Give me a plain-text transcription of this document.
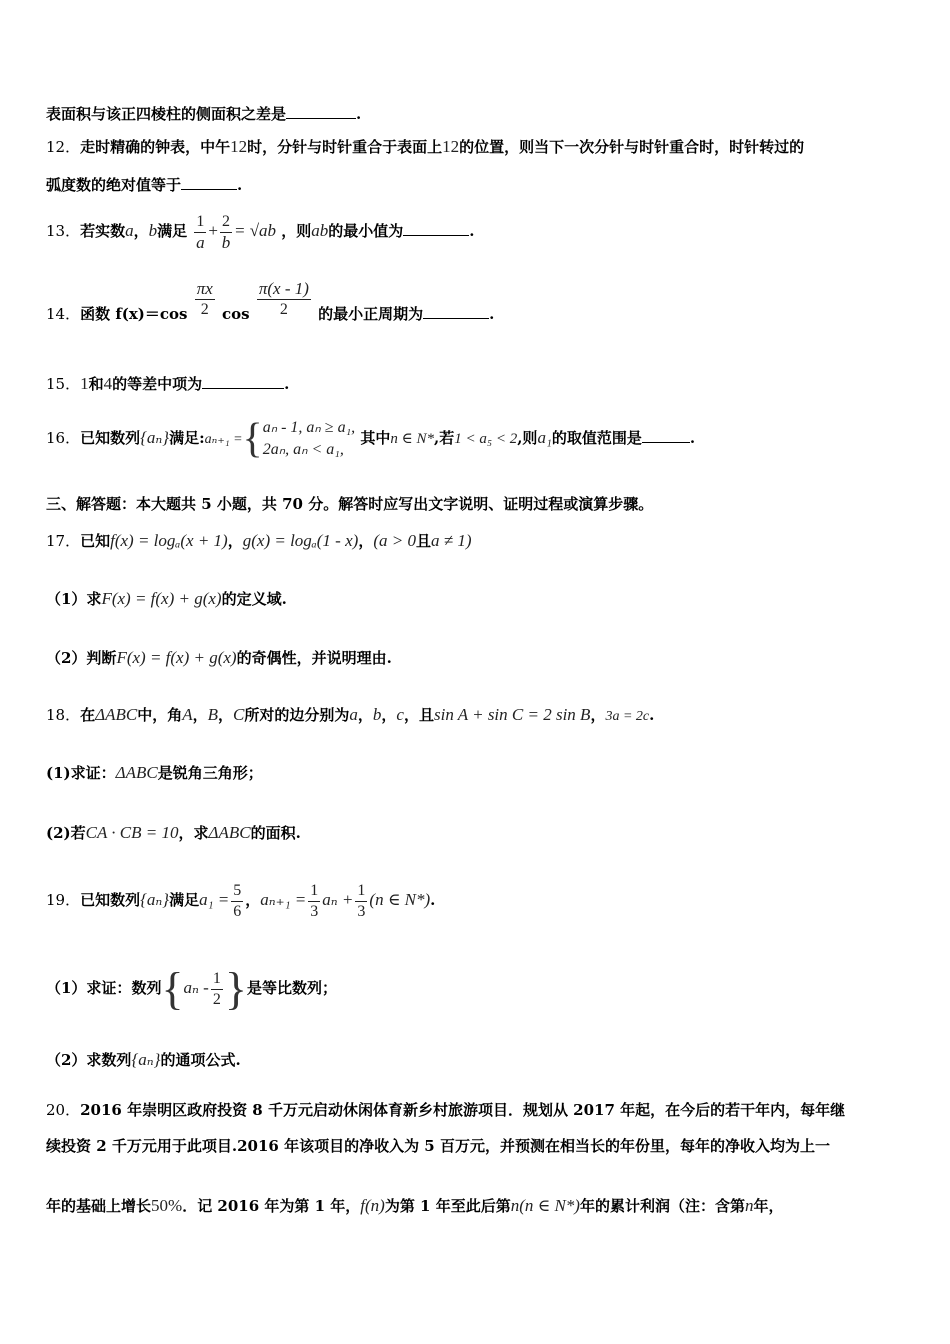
表面积与该正四棱柱的侧面积之差是	.
12．走时精确的钟表，中午12时，分针与时针重合于表面上12的位置，则当下一次分针与时针重合时，时针转过的
弧度数的绝对值等于	.
13．若实数a，b满足 $\frac{1}{a} + \frac{2}{b} = √ab$ ，则ab的最小值为	.
14．函数 $f(x)=\cos \frac{\pi x}{2}$ $\cos \frac{\pi(x - 1)}{2}$ 的最小正周期为	.
15．1和4的等差中项为	.
16．已知数列{aₙ}满足:aₙ₊₁ ={ aₙ - 1, aₙ ≥ a₁,
2aₙ, aₙ < a₁,
其中n ∈ N*,若1 < a₅ < 2,则a₁的取值范围是	.
三、解答题：本大题共 5 小题，共 70 分。解答时应写出文字说明、证明过程或演算步骤。
17．已知f(x) = logₐ(x + 1)，g(x) = logₐ(1 - x)，(a > 0且a ≠ 1)
（1）求F(x) = f(x) + g(x)的定义域.
（2）判断F(x) = f(x) + g(x)的奇偶性，并说明理由.
18．在ΔABC中，角A，B，C所对的边分别为a，b，c，且sin A + sin C = 2 sin B，3a = 2c.
(1)求证：ΔABC是锐角三角形；
(2)若CA · CB = 10，求ΔABC的面积.
19．已知数列{aₙ}满足$a_1 = \frac{5}{6}$ ，$a_{n+1} = \frac{1}{3}$ $a_n + \frac{1}{3} (n$ ∈ N*).
（1）求证：数列{$a_n - \frac{1}{2}$ }是等比数列；
（2）求数列{aₙ}的通项公式.
20．2016 年崇明区政府投资 8 千万元启动休闲体育新乡村旅游项目．规划从 2017 年起，在今后的若干年内，每年继
续投资 2 千万元用于此项目.2016 年该项目的净收入为 5 百万元，并预测在相当长的年份里，每年的净收入均为上一
年的基础上增长50%．记 2016 年为第 1 年，f(n)为第 1 年至此后第n(n ∈ N*)年的累计利润（注：含第n年，
